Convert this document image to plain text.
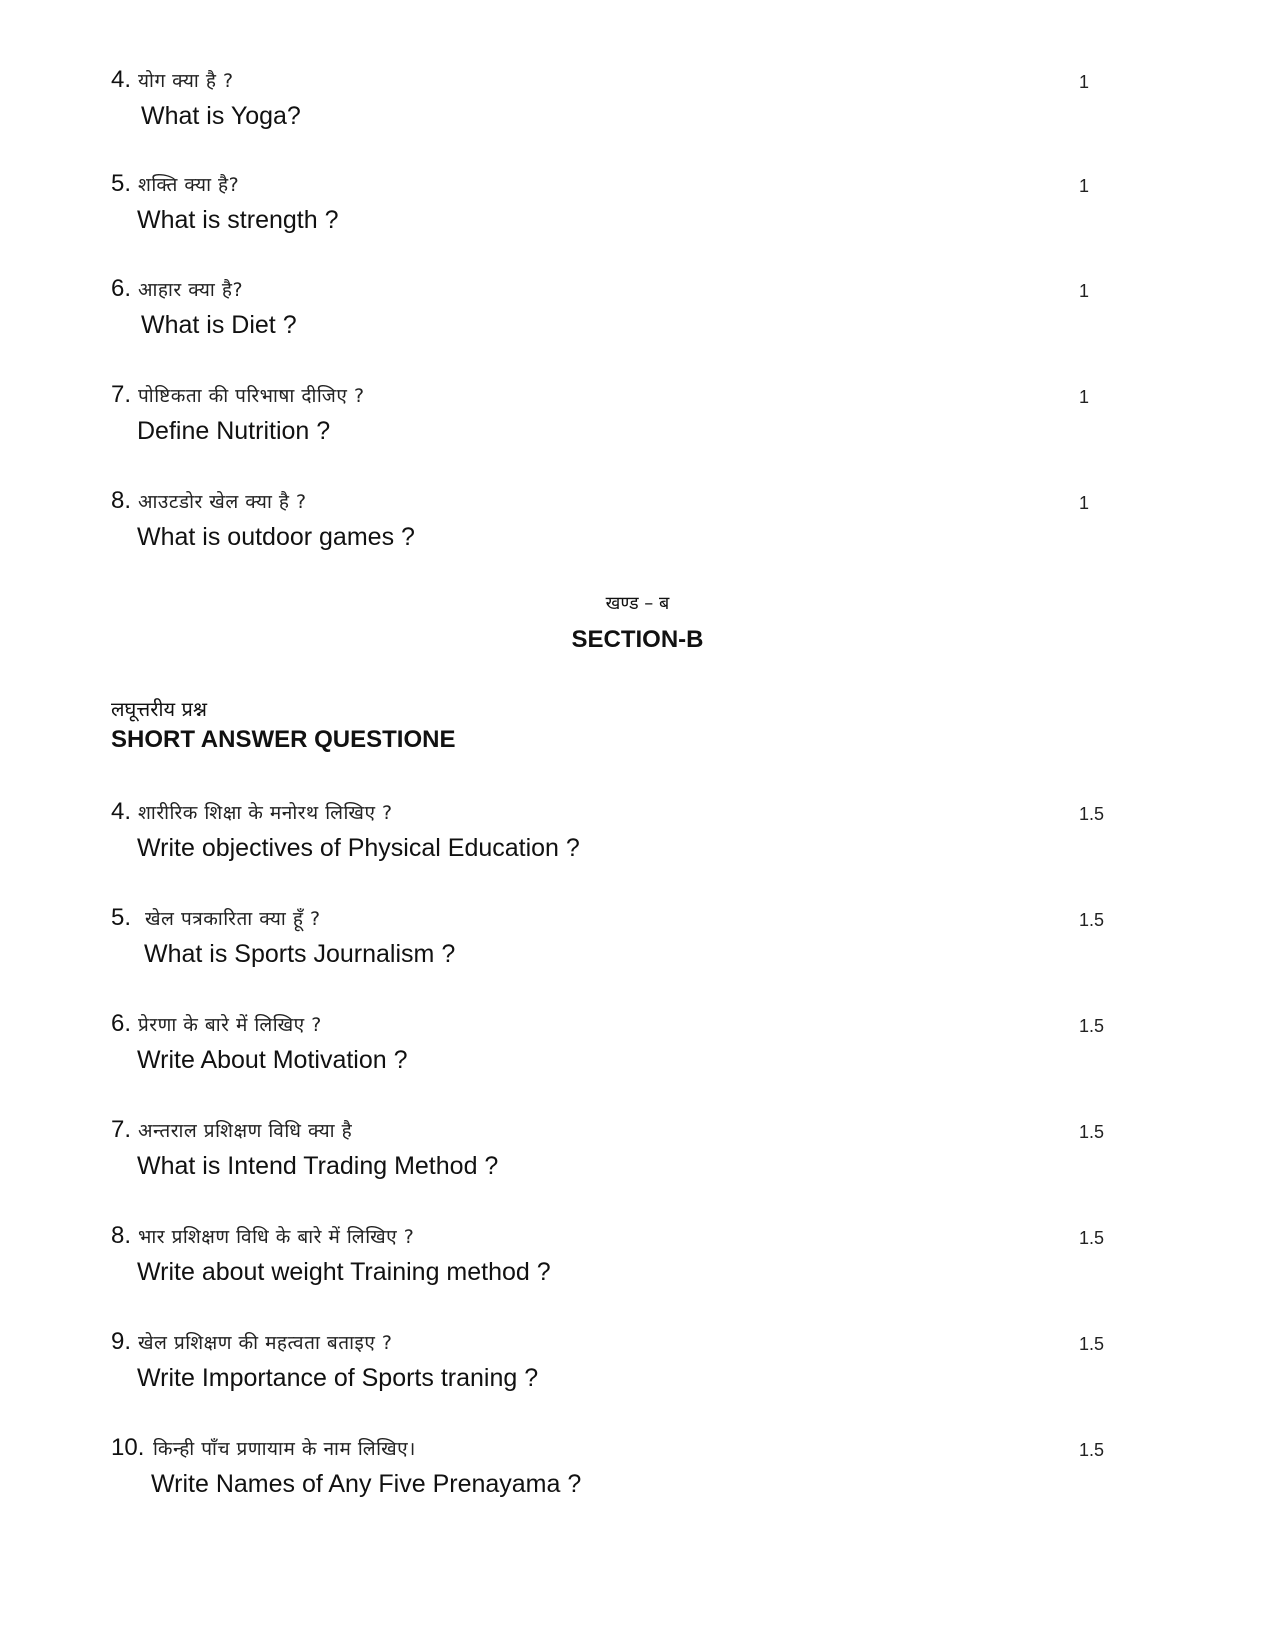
4. योग क्या है ?
What is Yoga?
1
5. शक्ति क्या है?
What is strength ?
1
6. आहार क्या है?
What is Diet ?
1
7. पोष्टिकता की परिभाषा दीजिए ?
Define Nutrition ?
1
8. आउटडोर खेल क्या है ?
What is outdoor games ?
1
खण्ड – ब
SECTION-B
लघूत्तरीय प्रश्न
SHORT ANSWER QUESTIONE
4. शारीरिक शिक्षा के मनोरथ लिखिए ?
Write objectives of Physical Education ?
1.5
5. खेल पत्रकारिता क्या हूँ ?
What is Sports Journalism ?
1.5
6. प्रेरणा के बारे में लिखिए ?
Write About Motivation ?
1.5
7. अन्तराल प्रशिक्षण विधि क्या है
What is Intend Trading Method ?
1.5
8. भार प्रशिक्षण विधि के बारे में लिखिए ?
Write about weight Training method ?
1.5
9. खेल प्रशिक्षण की महत्वता बताइए ?
Write Importance of Sports traning ?
1.5
10. किन्ही पाँच प्रणायाम के नाम लिखिए।
Write Names of Any Five Prenayama ?
1.5
